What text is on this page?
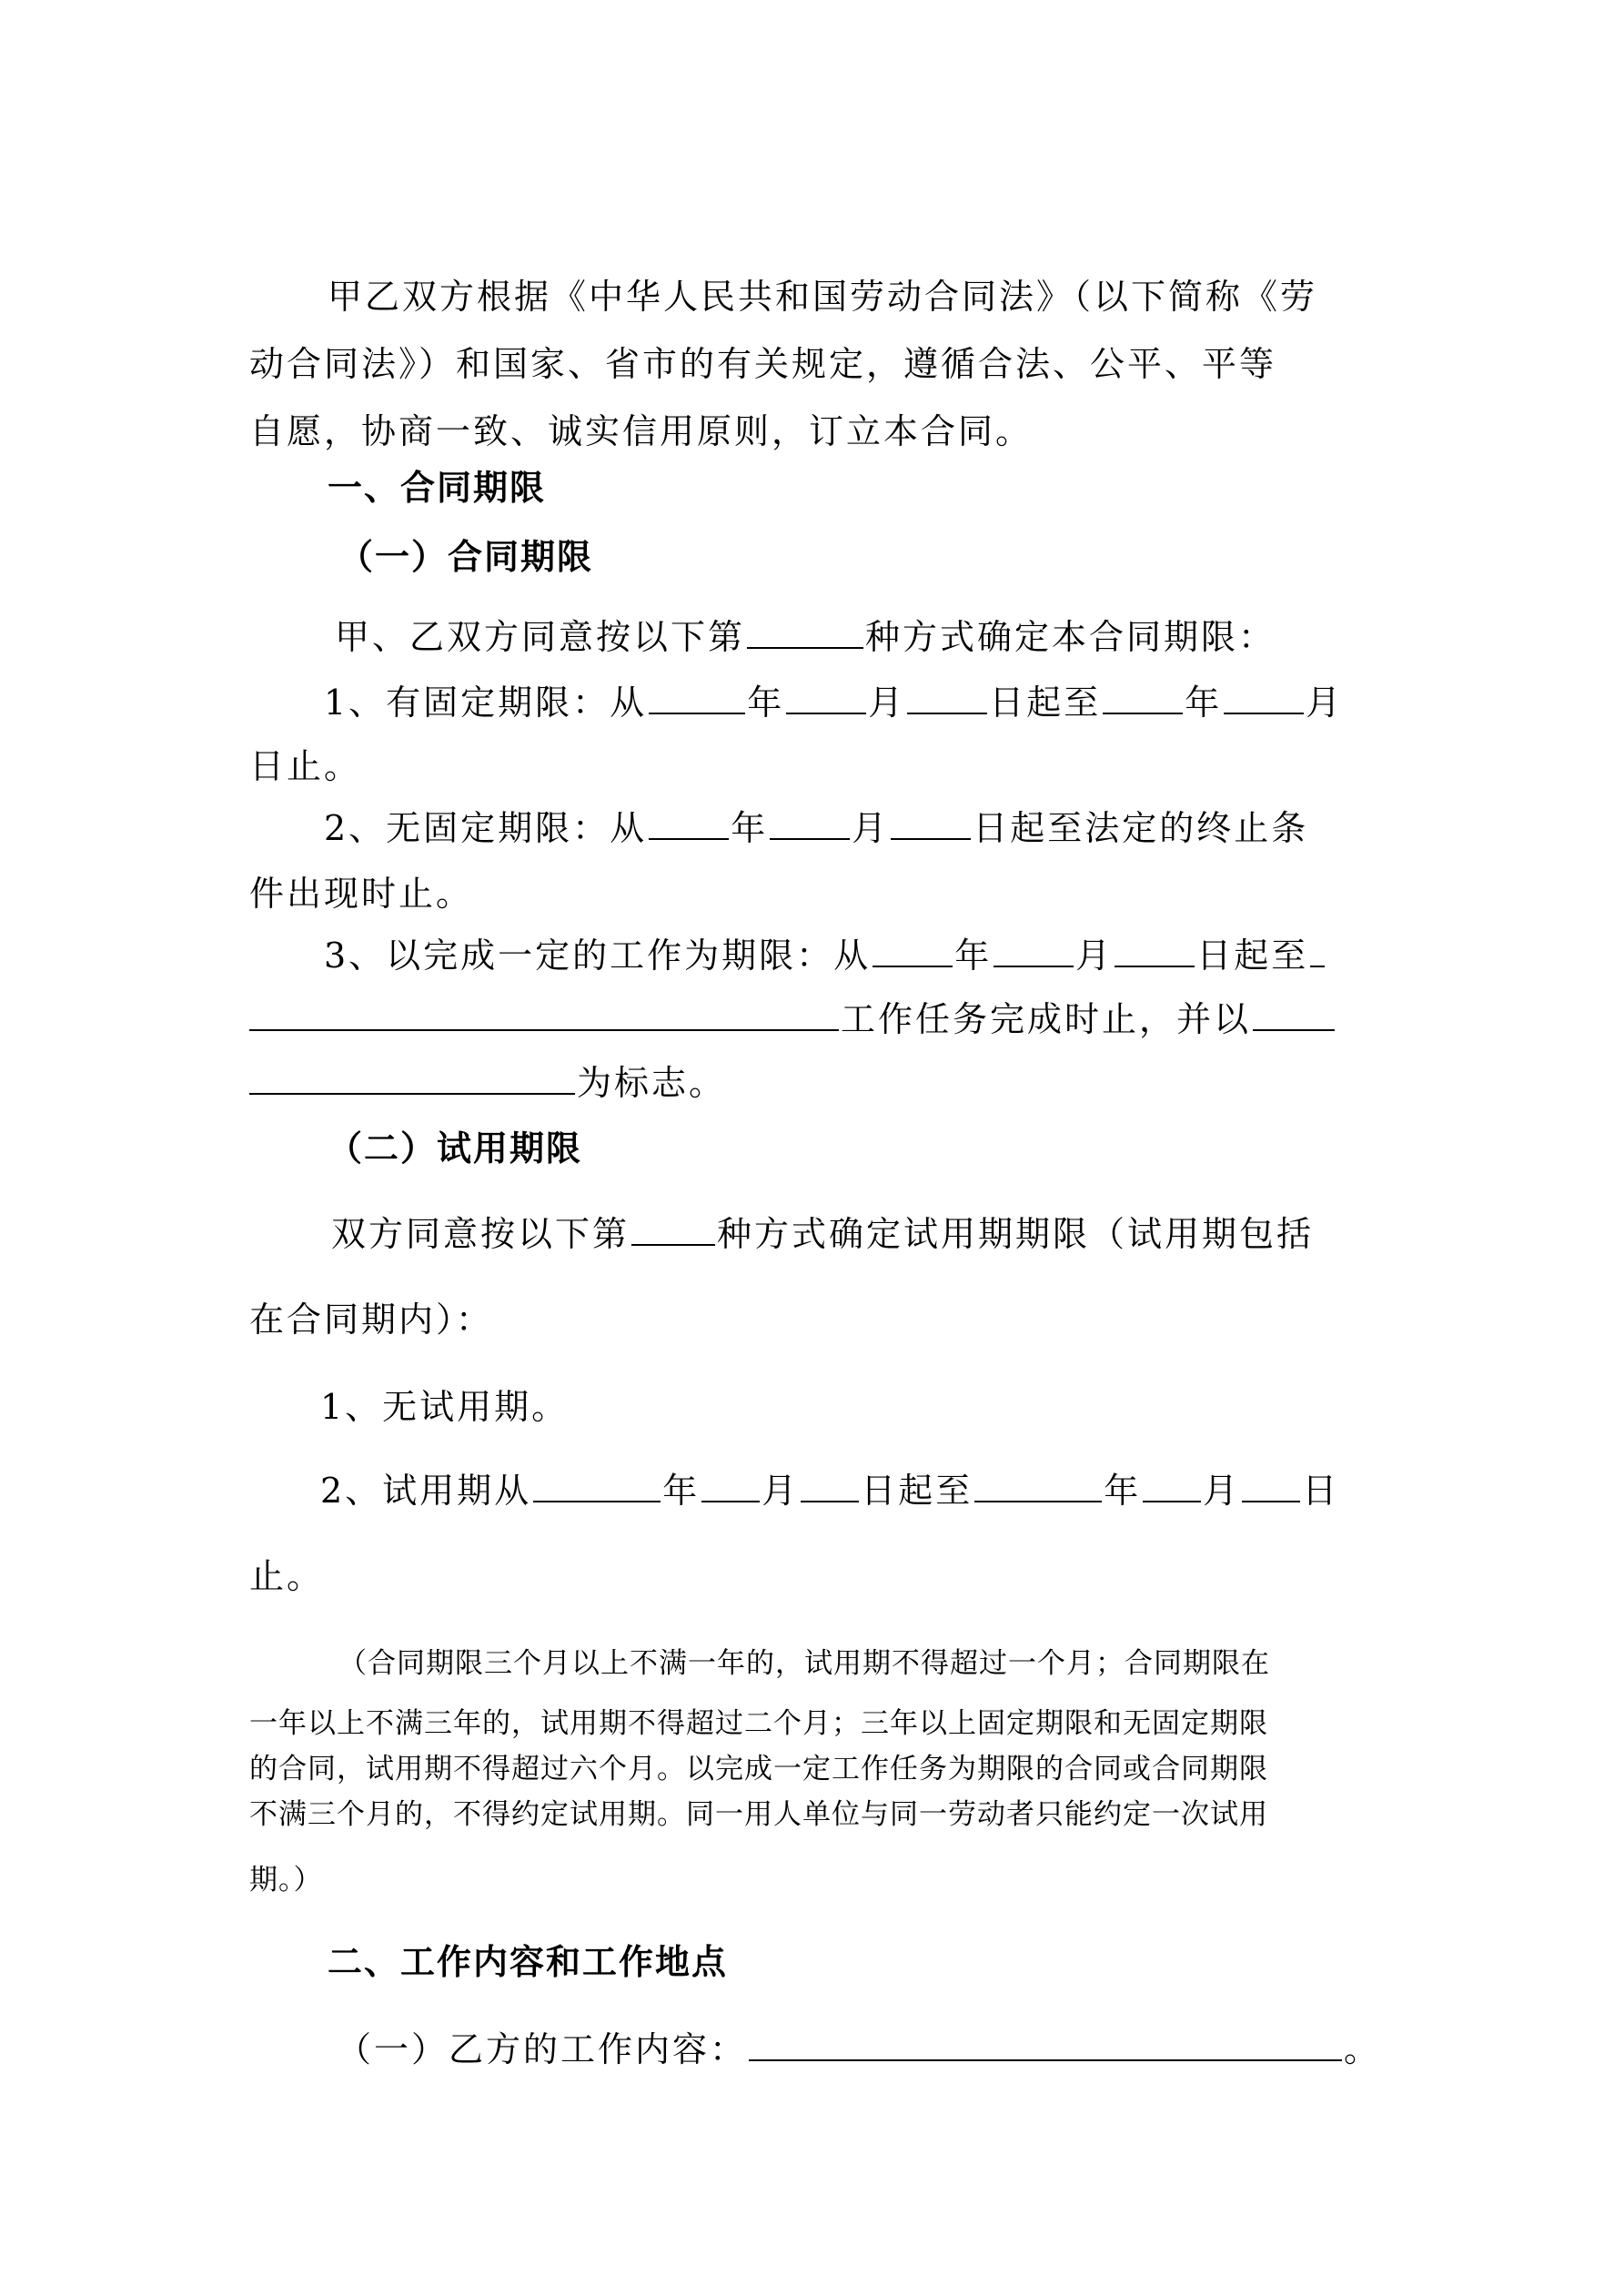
甲乙双方根据《中华人民共和国劳动合同法》（以下简称《劳
动合同法》）和国家、省市的有关规定，遵循合法、公平、平等
自愿，协商一致、诚实信用原则，订立本合同。
一、合同期限
（一）合同期限
甲、乙双方同意按以下第	种方式确定本合同期限：
1、有固定期限：从	年 月 日起至 年 月
日止。
2、无固定期限：从 年 月 日起至法定的终止条
件出现时止。
3、以完成一定的工作为期限：从 年 月 日起至
工作任务完成时止，并以
为标志。
（二）试用期限
双方同意按以下第	种方式确定试用期期限（试用期包括
在合同期内）：
1、无试用期。
2、试用期从	年 月 日起至	年 月 日
止。
（合同期限三个月以上不满一年的，试用期不得超过一个月；合同期限在
一年以上不满三年的，试用期不得超过二个月；三年以上固定期限和无固定期限
的合同，试用期不得超过六个月。以完成一定工作任务为期限的合同或合同期限
不满三个月的，不得约定试用期。同一用人单位与同一劳动者只能约定一次试用
期。）
二、工作内容和工作地点
（一）乙方的工作内容：	。
